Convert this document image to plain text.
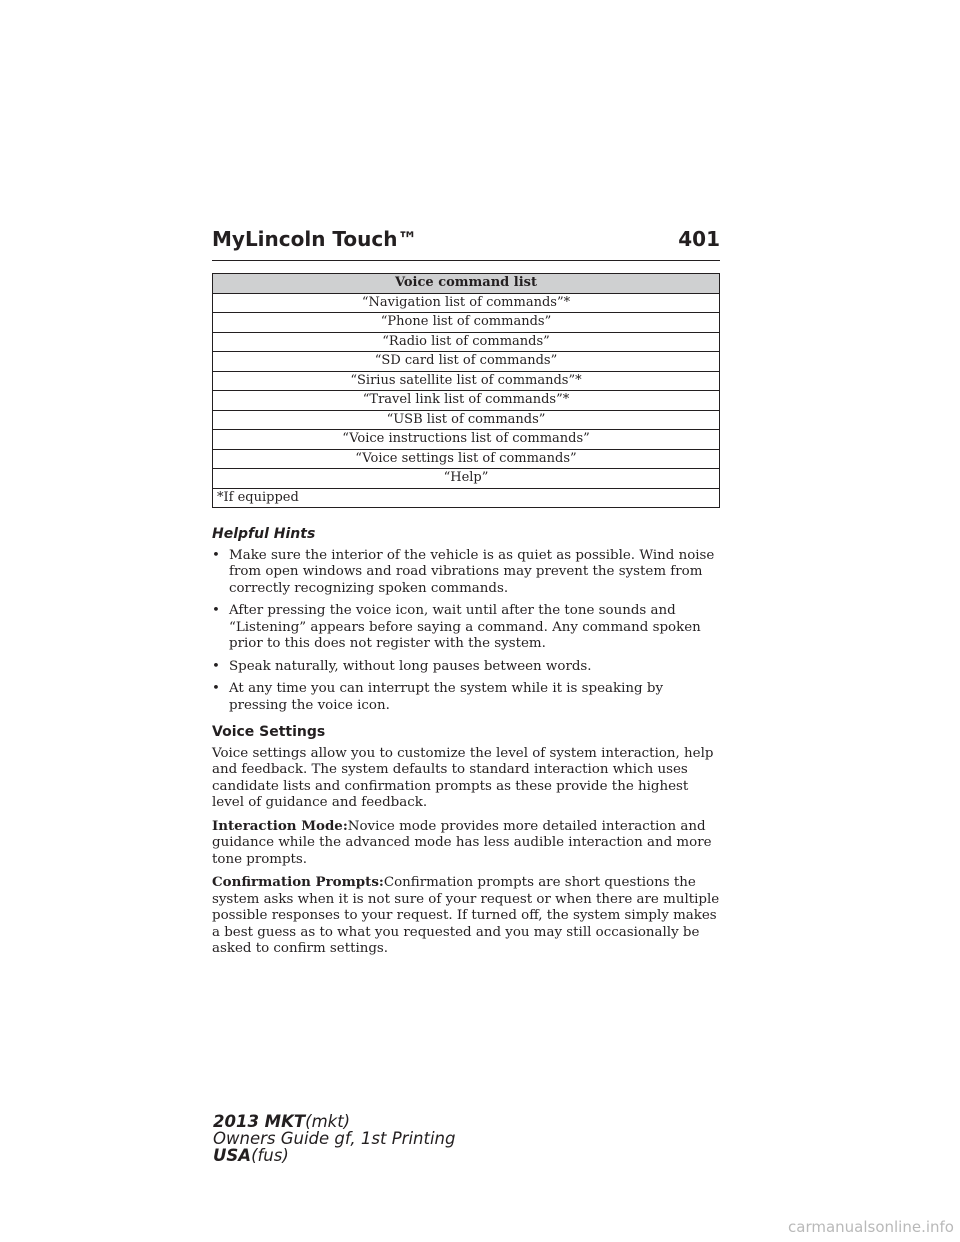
MyLincoln Touch™	401
Voice command list
“Navigation list of commands”*
“Phone list of commands”
“Radio list of commands”
“SD card list of commands”
“Sirius satellite list of commands”*
“Travel link list of commands”*
“USB list of commands”
“Voice instructions list of commands”
“Voice settings list of commands”
“Help”
*If equipped
Helpful Hints
• Make sure the interior of the vehicle is as quiet as possible. Wind noise from open windows and road vibrations may prevent the system from correctly recognizing spoken commands.
• After pressing the voice icon, wait until after the tone sounds and “Listening” appears before saying a command. Any command spoken prior to this does not register with the system.
• Speak naturally, without long pauses between words.
• At any time you can interrupt the system while it is speaking by pressing the voice icon.
Voice Settings

Voice settings allow you to customize the level of system interaction, help and feedback. The system defaults to standard interaction which uses candidate lists and confirmation prompts as these provide the highest level of guidance and feedback.

Interaction Mode:Novice mode provides more detailed interaction and guidance while the advanced mode has less audible interaction and more tone prompts.

Confirmation Prompts:Confirmation prompts are short questions the system asks when it is not sure of your request or when there are multiple possible responses to your request. If turned off, the system simply makes a best guess as to what you requested and you may still occasionally be asked to confirm settings.

2013 MKT(mkt)
Owners Guide gf, 1st Printing
USA(fus)
carmanualsonline.info
